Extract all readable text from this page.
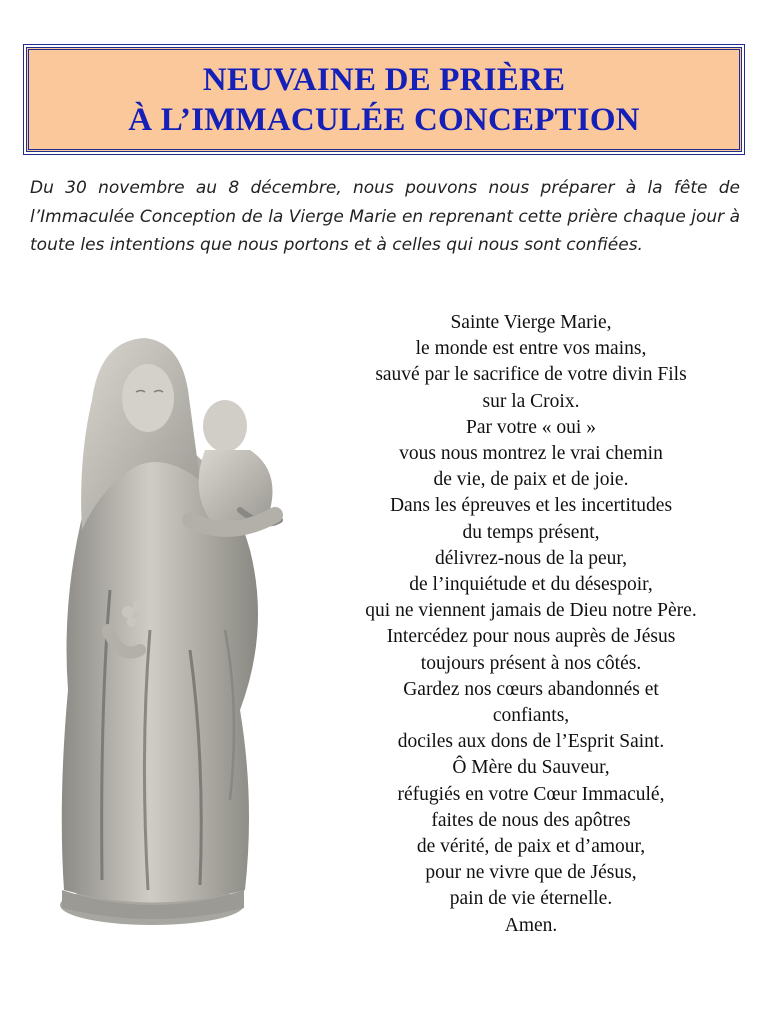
NEUVAINE DE PRIÈRE
À L’IMMACULÉE CONCEPTION
Du 30 novembre au 8 décembre, nous pouvons nous préparer à la fête de l’Immaculée Conception de la Vierge Marie en reprenant cette prière chaque jour à toute les intentions que nous portons et à celles qui nous sont confiées.
Sainte Vierge Marie,
le monde est entre vos mains,
sauvé par le sacrifice de votre divin Fils
sur la Croix.
Par votre « oui »
vous nous montrez le vrai chemin
de vie, de paix et de joie.
Dans les épreuves et les incertitudes
du temps présent,
délivrez-nous de la peur,
de l’inquiétude et du désespoir,
qui ne viennent jamais de Dieu notre Père.
Intercédez pour nous auprès de Jésus
toujours présent à nos côtés.
Gardez nos cœurs abandonnés et
confiants,
dociles aux dons de l’Esprit Saint.
Ô Mère du Sauveur,
réfugiés en votre Cœur Immaculé,
faites de nous des apôtres
de vérité, de paix et d’amour,
pour ne vivre que de Jésus,
pain de vie éternelle.
Amen.
